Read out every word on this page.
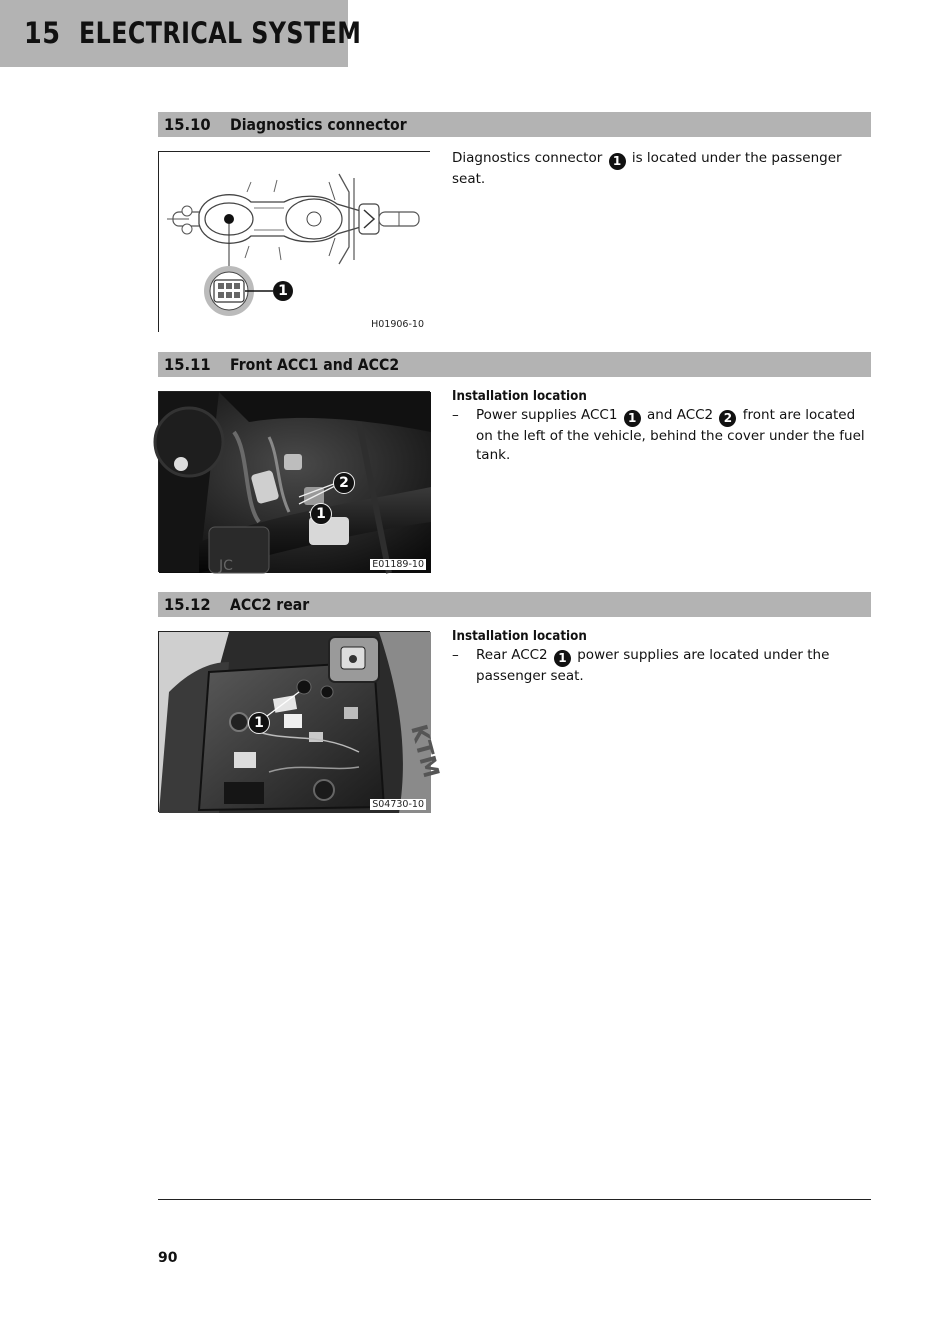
15 ELECTRICAL SYSTEM
15.10 Diagnostics connector
1
H01906-10
Diagnostics connector 1 is located under the passenger seat.
15.11 Front ACC1 and ACC2
JC
2
1
E01189-10
Installation location
– Power supplies ACC1 1 and ACC2 2 front are located on the left of the vehicle, behind the cover under the fuel tank.
15.12 ACC2 rear
KTM
1
S04730-10
Installation location
– Rear ACC2 1 power supplies are located under the passenger seat.
90
